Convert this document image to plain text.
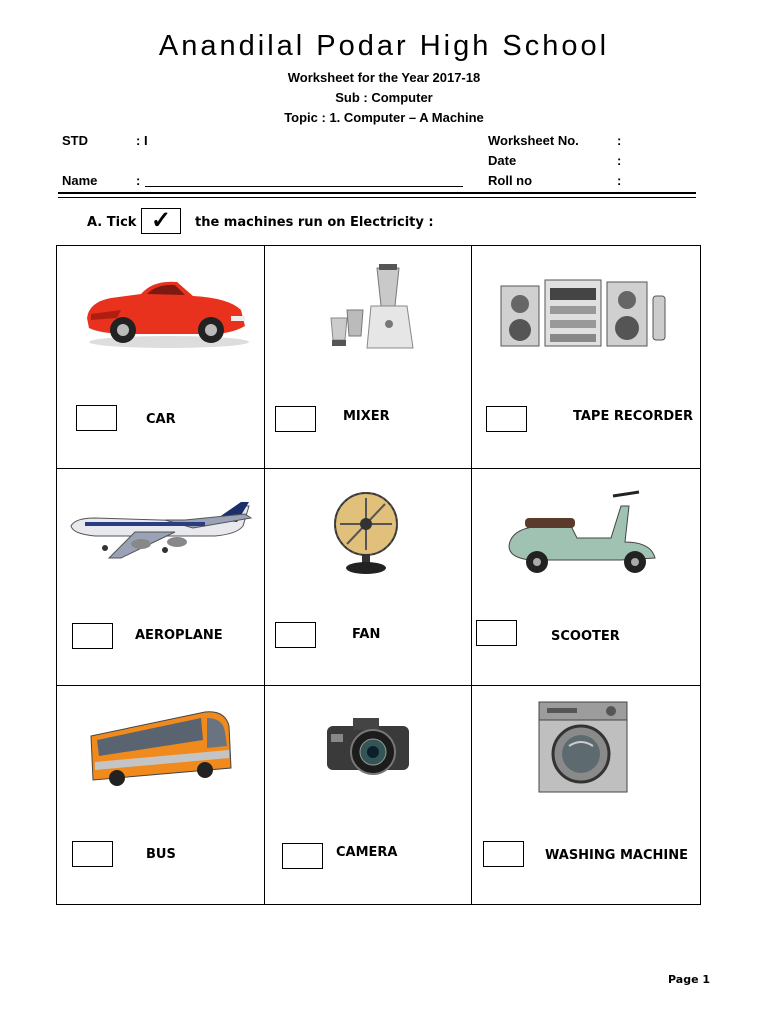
Anandilal Podar High School
Worksheet for the Year 2017-18
Sub : Computer
Topic : 1. Computer – A Machine
STD	: I
Name	:
Worksheet No.	:
Date	:
Roll no	:
A. Tick ✓	the machines run on Electricity :
CAR	MIXER	TAPE RECORDER
AEROPLANE	FAN	SCOOTER
BUS	CAMERA	WASHING MACHINE
Page 1
